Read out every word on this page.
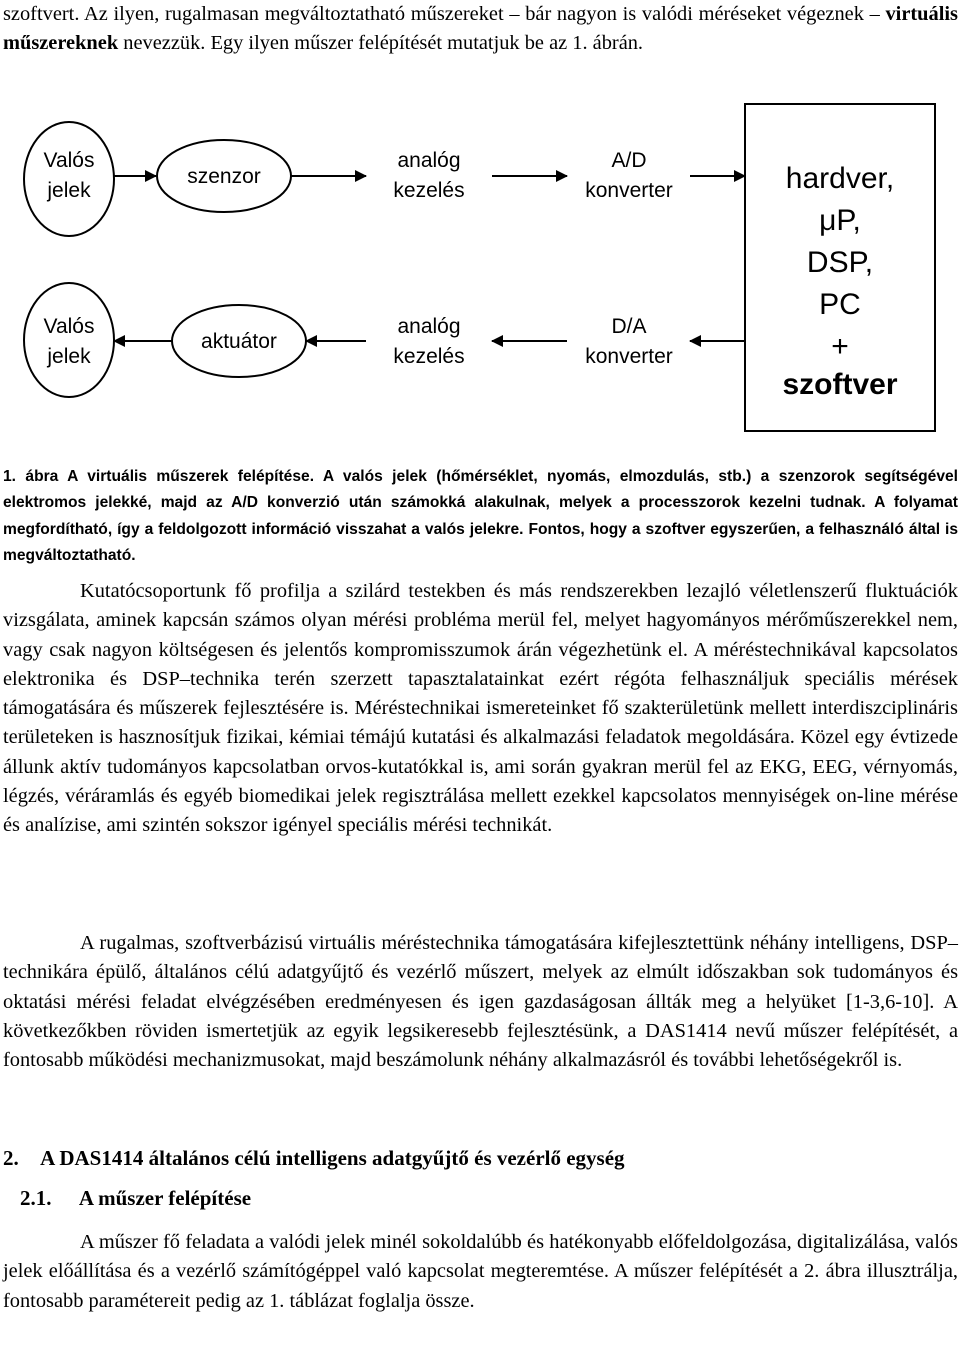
szoftvert. Az ilyen, rugalmasan megváltoztatható műszereket – bár nagyon is valódi méréseket végeznek – virtuális műszereknek nevezzük. Egy ilyen műszer felépítését mutatjuk be az 1. ábrán.

Valós
jelek
szenzor
analóg
kezelés
A/D
konverter
Valós
jelek
aktuátor
analóg
kezelés
D/A
konverter
hardver,
μP,
DSP,
PC
+
szoftver

1. ábra A virtuális műszerek felépítése. A valós jelek (hőmérséklet, nyomás, elmozdulás, stb.) a szenzorok segítségével elektromos jelekké, majd az A/D konverzió után számokká alakulnak, melyek a processzorok kezelni tudnak. A folyamat megfordítható, így a feldolgozott információ visszahat a valós jelekre. Fontos, hogy a szoftver egyszerűen, a felhasználó által is megváltoztatható.

Kutatócsoportunk fő profilja a szilárd testekben és más rendszerekben lezajló véletlenszerű fluktuációk vizsgálata, aminek kapcsán számos olyan mérési probléma merül fel, melyet hagyományos mérőműszerekkel nem, vagy csak nagyon költségesen és jelentős kompromisszumok árán végezhetünk el. A méréstechnikával kapcsolatos elektronika és DSP–technika terén szerzett tapasztalatainkat ezért régóta felhasználjuk speciális mérések támogatására és műszerek fejlesztésére is. Méréstechnikai ismereteinket fő szakterületünk mellett interdiszciplináris területeken is hasznosítjuk fizikai, kémiai témájú kutatási és alkalmazási feladatok megoldására. Közel egy évtizede állunk aktív tudományos kapcsolatban orvos-kutatókkal is, ami során gyakran merül fel az EKG, EEG, vérnyomás, légzés, véráramlás és egyéb biomedikai jelek regisztrálása mellett ezekkel kapcsolatos mennyiségek on-line mérése és analízise, ami szintén sokszor igényel speciális mérési technikát.

A rugalmas, szoftverbázisú virtuális méréstechnika támogatására kifejlesztettünk néhány intelligens, DSP–technikára épülő, általános célú adatgyűjtő és vezérlő műszert, melyek az elmúlt időszakban sok tudományos és oktatási mérési feladat elvégzésében eredményesen és igen gazdaságosan állták meg a helyüket [1-3,6-10]. A következőkben röviden ismertetjük az egyik legsikeresebb fejlesztésünk, a DAS1414 nevű műszer felépítését, a fontosabb működési mechanizmusokat, majd beszámolunk néhány alkalmazásról és további lehetőségekről is.

2. A DAS1414 általános célú intelligens adatgyűjtő és vezérlő egység
2.1. A műszer felépítése

A műszer fő feladata a valódi jelek minél sokoldalúbb és hatékonyabb előfeldolgozása, digitalizálása, valós jelek előállítása és a vezérlő számítógéppel való kapcsolat megteremtése. A műszer felépítését a 2. ábra illusztrálja, fontosabb paramétereit pedig az 1. táblázat foglalja össze.
